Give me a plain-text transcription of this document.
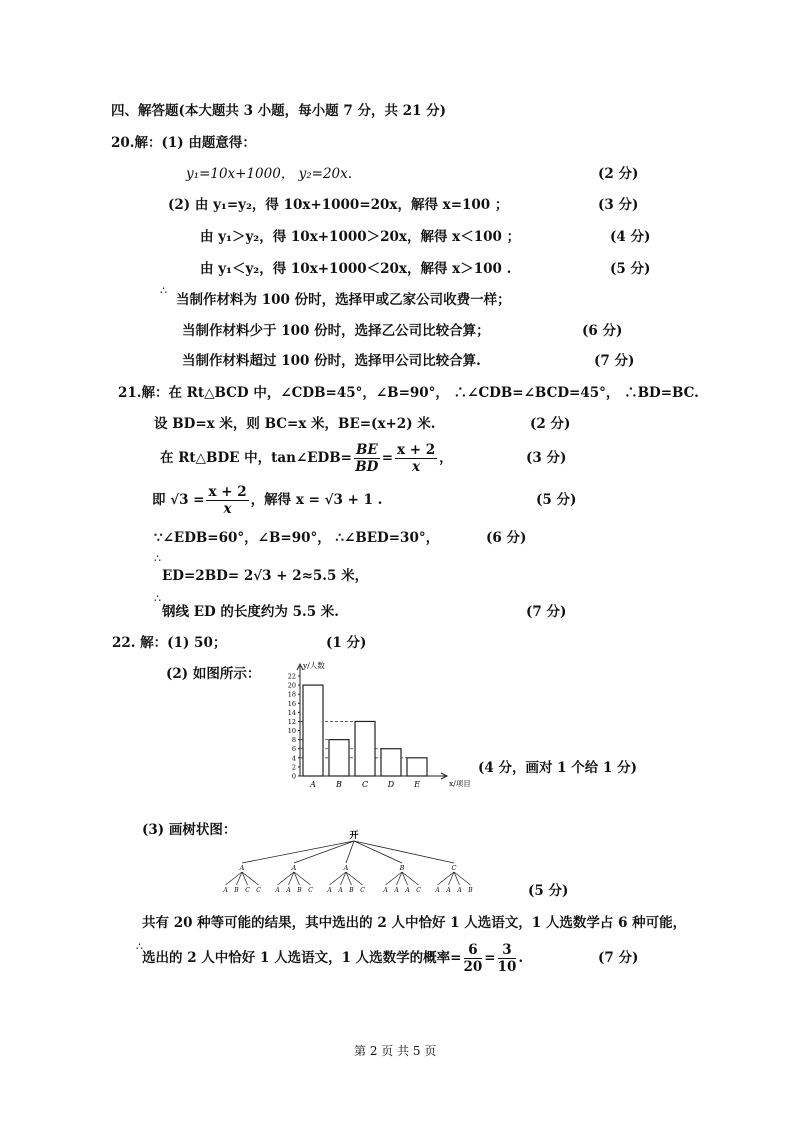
四、解答题(本大题共 3 小题，每小题 7 分，共 21 分)
20.解：(1) 由题意得：
y₁=10x+1000， y₂=20x.	(2 分)
(2) 由 y₁=y₂，得 10x+1000=20x，解得 x=100 ；	(3 分)
由 y₁＞y₂，得 10x+1000＞20x，解得 x＜100 ；	(4 分)
由 y₁＜y₂，得 10x+1000＜20x，解得 x＞100 .	(5 分)
∴
当制作材料为 100 份时，选择甲或乙家公司收费一样；
当制作材料少于 100 份时，选择乙公司比较合算；	(6 分)
当制作材料超过 100 份时，选择甲公司比较合算.	(7 分)
21.解：在 Rt△BCD 中，∠CDB=45°，∠B=90°， ∴∠CDB=∠BCD=45°， ∴BD=BC.
设 BD=x 米，则 BC=x 米，BE=(x+2) 米.	(2 分)
在 Rt△BDE 中，tan∠EDB= $\frac{BE}{BD} = \frac{x + 2}{x}$ ，	(3 分)
即 $√3 = \frac{x + 2}{x}$ ，解得 x = √3 + 1 .	(5 分)
∵∠EDB=60°，∠B=90°， ∴∠BED=30°，	(6 分)
∴
ED=2BD= 2√3 + 2≈5.5 米，
∴
钢线 ED 的长度约为 5.5 米.	(7 分)
22. 解：(1) 50；	(1 分)
(2) 如图所示：
0
2
4
6
8
10
12
14
16
18
20
22
y/人数
x/项目
A	B C D E
(4 分，画对 1 个给 1 分)
(3) 画树状图：	开
A
A B C C
A
A A B C
A
A A B C
B
A A A C
C
A A A B	(5 分)
共有 20 种等可能的结果，其中选出的 2 人中恰好 1 人选语文，1 人选数学占 6 种可能，
∴
选出的 2 人中恰好 1 人选语文，1 人选数学的概率= $\frac{6}{20} = \frac{3}{10}$ .	(7 分)
第 2 页 共 5 页
